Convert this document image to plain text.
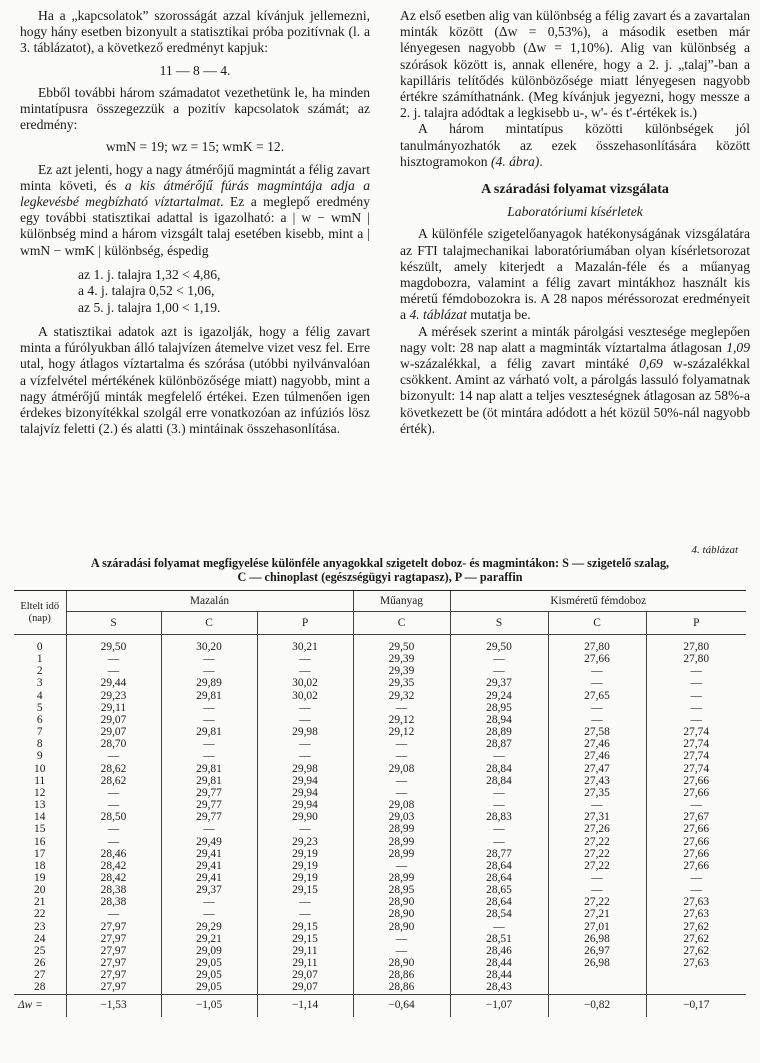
Ha a „kapcsolatok” szorosságát azzal kívánjuk jellemezni, hogy hány esetben bizonyult a statisztikai próba pozitívnak (l. a 3. táblázatot), a következő eredményt kapjuk:

11 — 8 — 4.

Ebből további három számadatot vezethetünk le, ha minden mintatípusra összegezzük a pozitív kapcsolatok számát; az eredmény:

wmN = 19; wz = 15; wmK = 12.

Ez azt jelenti, hogy a nagy átmérőjű magmintát a félig zavart minta követi, és a kis átmérőjű fúrás magmintája adja a legkevésbé megbízható víztartalmat. Ez a meglepő eredmény egy további statisztikai adattal is igazolható: a | w − wmN | különbség mind a három vizsgált talaj esetében kisebb, mint a | wmN − wmK | különbség, éspedig

az 1. j. talajra 1,32 < 4,86,
a 4. j. talajra 0,52 < 1,06,
az 5. j. talajra 1,00 < 1,19.

A statisztikai adatok azt is igazolják, hogy a félig zavart minta a fúrólyukban álló talajvízen átemelve vizet vesz fel. Erre utal, hogy átlagos víztartalma és szórása (utóbbi nyilvánvalóan a vízfelvétel mértékének különbözősége miatt) nagyobb, mint a nagy átmérőjű minták megfelelő értékei. Ezen túlmenően igen érdekes bizonyítékkal szolgál erre vonatkozóan az infúziós lösz talajvíz feletti (2.) és alatti (3.) mintáinak összehasonlítása.

Az első esetben alig van különbség a félig zavart és a zavartalan minták között (Δw = 0,53%), a második esetben már lényegesen nagyobb (Δw = 1,10%). Alig van különbség a szórások között is, annak ellenére, hogy a 2. j. „talaj”-ban a kapilláris telítődés különbözősége miatt lényegesen nagyobb értékre számíthatnánk. (Meg kívánjuk jegyezni, hogy messze a 2. j. talajra adódtak a legkisebb u-, w'- és t'-értékek is.)

A három mintatípus közötti különbségek jól tanulmányozhatók az ezek összehasonlítására között hisztogramokon (4. ábra).

A száradási folyamat vizsgálata
Laboratóriumi kísérletek

A különféle szigetelőanyagok hatékonyságának vizsgálatára az FTI talajmechanikai laboratóriumában olyan kísérletsorozat készült, amely kiterjedt a Mazalán-féle és a műanyag magdobozra, valamint a félig zavart mintákhoz használt kis méretű fémdobozokra is. A 28 napos méréssorozat eredményeit a 4. táblázat mutatja be.

A mérések szerint a minták párolgási vesztesége meglepően nagy volt: 28 nap alatt a magminták víztartalma átlagosan 1,09 w-százalékkal, a félig zavart mintáké 0,69 w-százalékkal csökkent. Amint az várható volt, a párolgás lassuló folyamatnak bizonyult: 14 nap alatt a teljes veszteségnek átlagosan az 58%-a következett be (öt mintára adódott a hét közül 50%-nál nagyobb érték).

4. táblázat
A száradási folyamat megfigyelése különféle anyagokkal szigetelt doboz- és magmintákon: S — szigetelő szalag,
C — chinoplast (egészségügyi ragtapasz), P — paraffin
Eltelt idő (nap)	Mazalán			Műanyag	Kisméretű fémdoboz		
	S	C	P	C	S	C	P
0	29,50	30,20	30,21	29,50	29,50	27,80	27,80
1	—	—	—	29,39	—	27,66	27,80
2	—	—	—	29,39	—	—	—
3	29,44	29,89	30,02	29,35	29,37	—	—
4	29,23	29,81	30,02	29,32	29,24	27,65	—
5	29,11	—	—	—	28,95	—	—
6	29,07	—	—	29,12	28,94	—	—
7	29,07	29,81	29,98	29,12	28,89	27,58	27,74
8	28,70	—	—	—	28,87	27,46	27,74
9	—	—	—	—	—	27,46	27,74
10	28,62	29,81	29,98	29,08	28,84	27,47	27,74
11	28,62	29,81	29,94	—	28,84	27,43	27,66
12	—	29,77	29,94	—	—	27,35	27,66
13	—	29,77	29,94	29,08	—	—	—
14	28,50	29,77	29,90	29,03	28,83	27,31	27,67
15	—	—	—	28,99	—	27,26	27,66
16	—	29,49	29,23	28,99	—	27,22	27,66
17	28,46	29,41	29,19	28,99	28,77	27,22	27,66
18	28,42	29,41	29,19	—	28,64	27,22	27,66
19	28,42	29,41	29,19	28,99	28,64	—	—
20	28,38	29,37	29,15	28,95	28,65	—	—
21	28,38	—	—	28,90	28,64	27,22	27,63
22	—	—	—	28,90	28,54	27,21	27,63
23	27,97	29,29	29,15	28,90	—	27,01	27,62
24	27,97	29,21	29,15	—	28,51	26,98	27,62
25	27,97	29,09	29,11	—	28,46	26,97	27,62
26	27,97	29,05	29,11	28,90	28,44	26,98	27,63
27	27,97	29,05	29,07	28,86	28,44		
28	27,97	29,05	29,07	28,86	28,43		
Δw =	−1,53	−1,05	−1,14	−0,64	−1,07	−0,82	−0,17
